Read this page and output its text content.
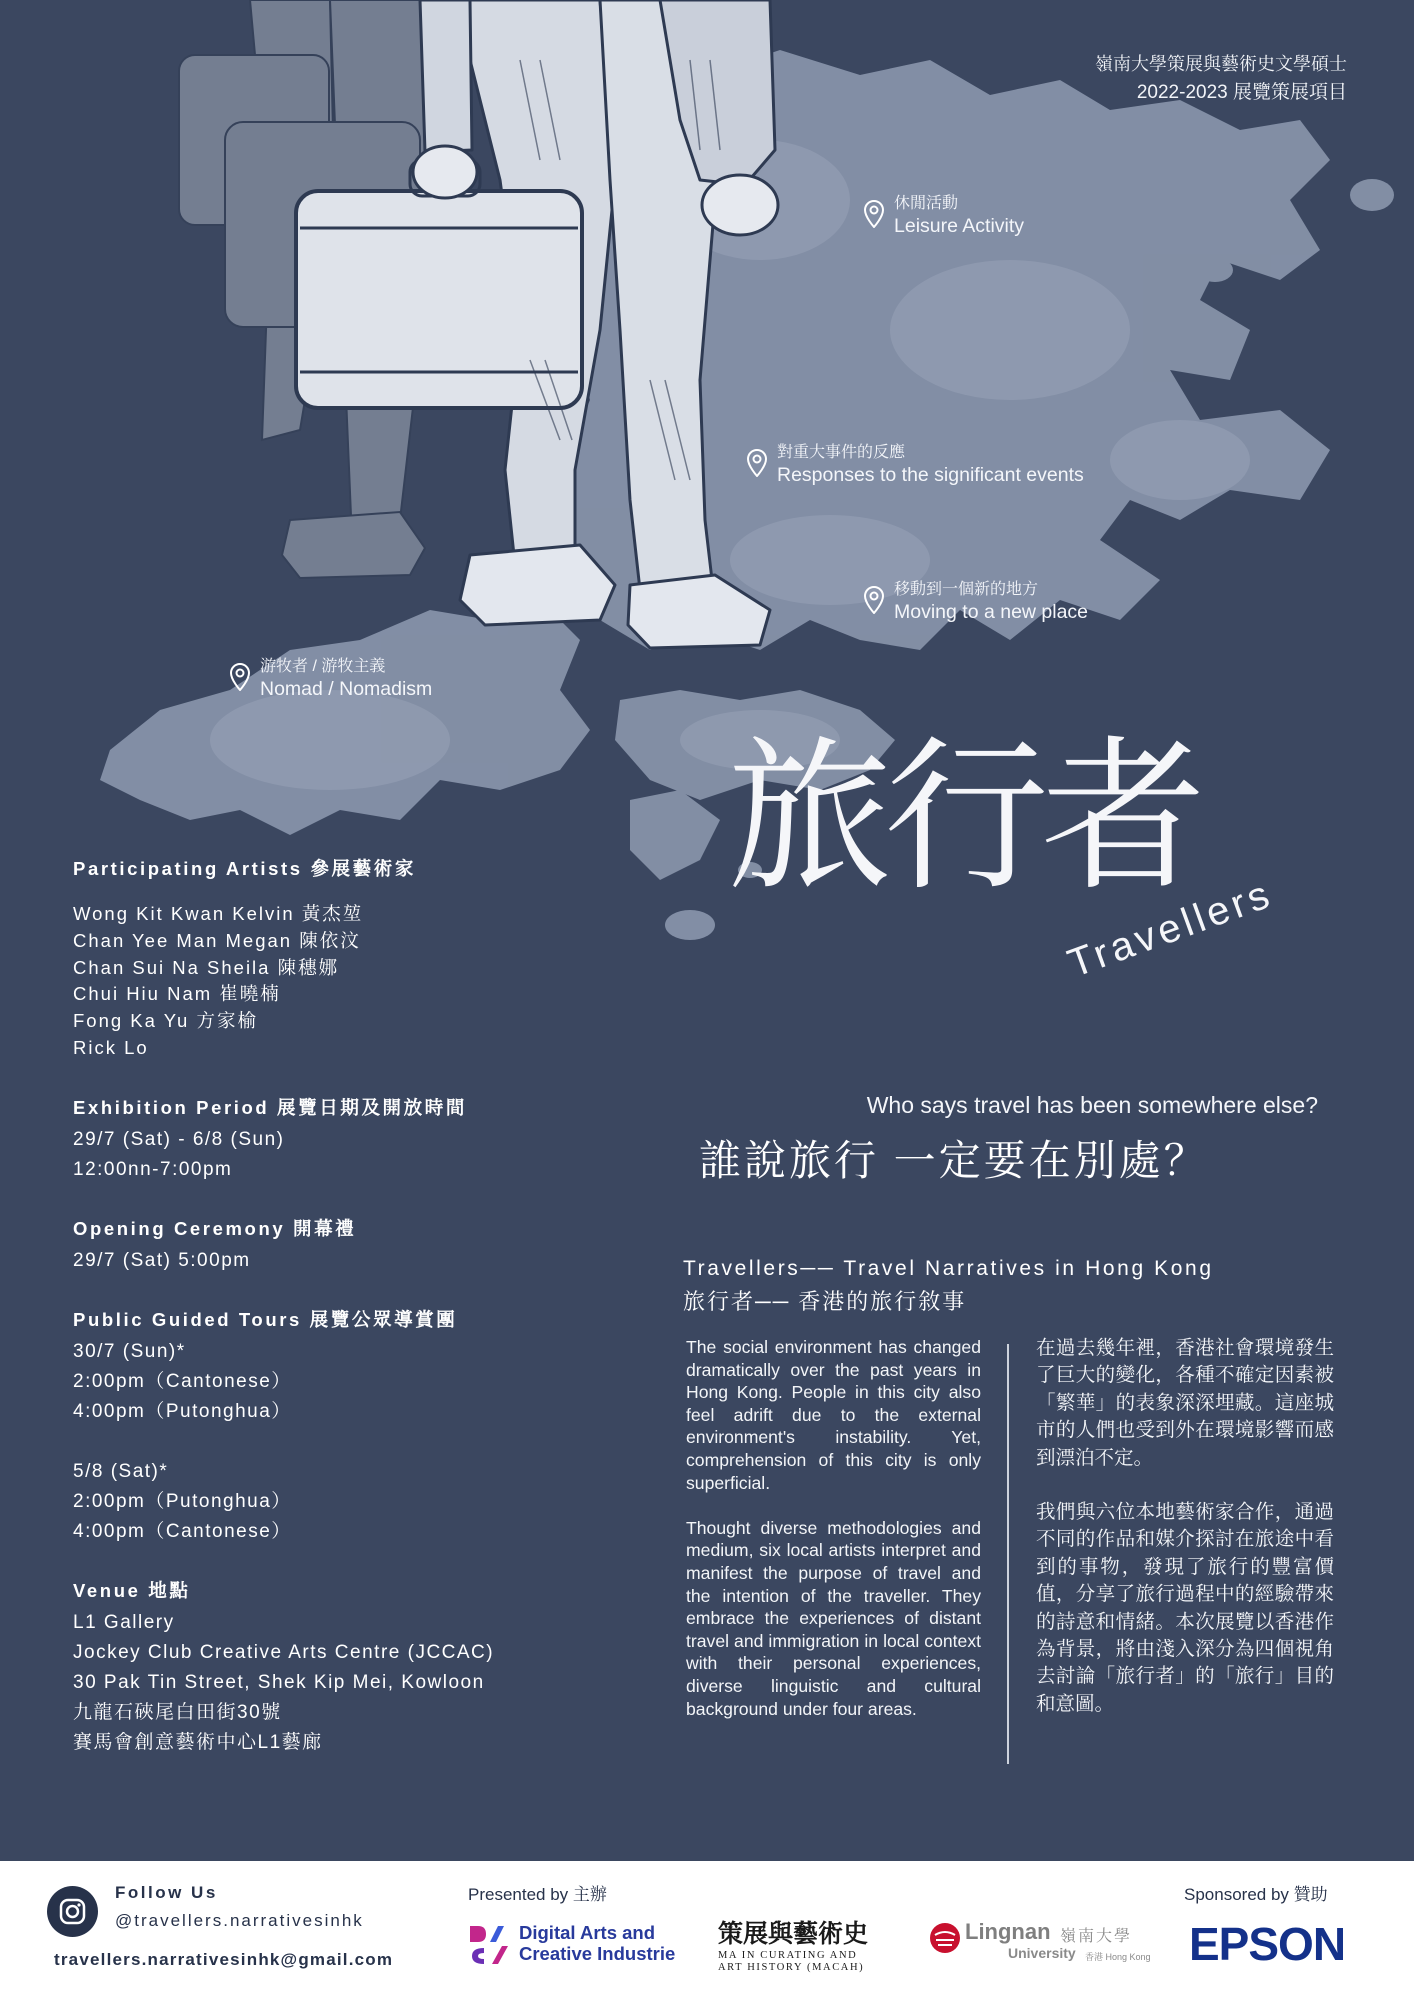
嶺南大學策展與藝術史文學碩士
2022-2023 展覽策展項目
休閒活動
Leisure Activity
對重大事件的反應
Responses to the significant events
移動到一個新的地方
Moving to a new place
游牧者 / 游牧主義
Nomad / Nomadism
旅行者
Travellers
Who says travel has been somewhere else?
誰說旅行 一定要在別處？
Travellers── Travel Narratives in Hong Kong
旅行者── 香港的旅行敘事

The social environment has changed dramatically over the past years in Hong Kong. People in this city also feel adrift due to the external environment's instability. Yet, comprehension of this city is only superficial.

Thought diverse methodologies and medium, six local artists interpret and manifest the purpose of travel and the intention of the traveller. They embrace the experiences of distant travel and immigration in local context with their personal experiences, diverse linguistic and cultural background under four areas.

在過去幾年裡，香港社會環境發生了巨大的變化，各種不確定因素被「繁華」的表象深深埋藏。這座城市的人們也受到外在環境影響而感到漂泊不定。

我們與六位本地藝術家合作，通過不同的作品和媒介探討在旅途中看到的事物，發現了旅行的豐富價值，分享了旅行過程中的經驗帶來的詩意和情緒。本次展覽以香港作為背景，將由淺入深分為四個視角去討論「旅行者」的「旅行」目的和意圖。

Participating Artists 參展藝術家
Wong Kit Kwan Kelvin 黃杰堃
Chan Yee Man Megan 陳依汶
Chan Sui Na Sheila 陳穗娜
Chui Hiu Nam 崔曉楠
Fong Ka Yu 方家榆
Rick Lo
Exhibition Period 展覽日期及開放時間
29/7 (Sat) - 6/8 (Sun)
12:00nn-7:00pm
Opening Ceremony 開幕禮
29/7 (Sat) 5:00pm
Public Guided Tours 展覽公眾導賞團
30/7 (Sun)*
2:00pm（Cantonese）
4:00pm（Putonghua）
5/8 (Sat)*
2:00pm（Putonghua）
4:00pm（Cantonese）
Venue 地點
L1 Gallery
Jockey Club Creative Arts Centre (JCCAC)
30 Pak Tin Street, Shek Kip Mei, Kowloon
九龍石硤尾白田街30號
賽馬會創意藝術中心L1藝廊
Follow Us
@travellers.narrativesinhk
travellers.narrativesinhk@gmail.com
Presented by 主辦
Digital Arts and
Creative Industrie
策展與藝術史
MA IN CURATING AND
ART HISTORY (MACAH)
Lingnan 嶺南大學
University 香港 Hong Kong
Sponsored by 贊助
EPSON
